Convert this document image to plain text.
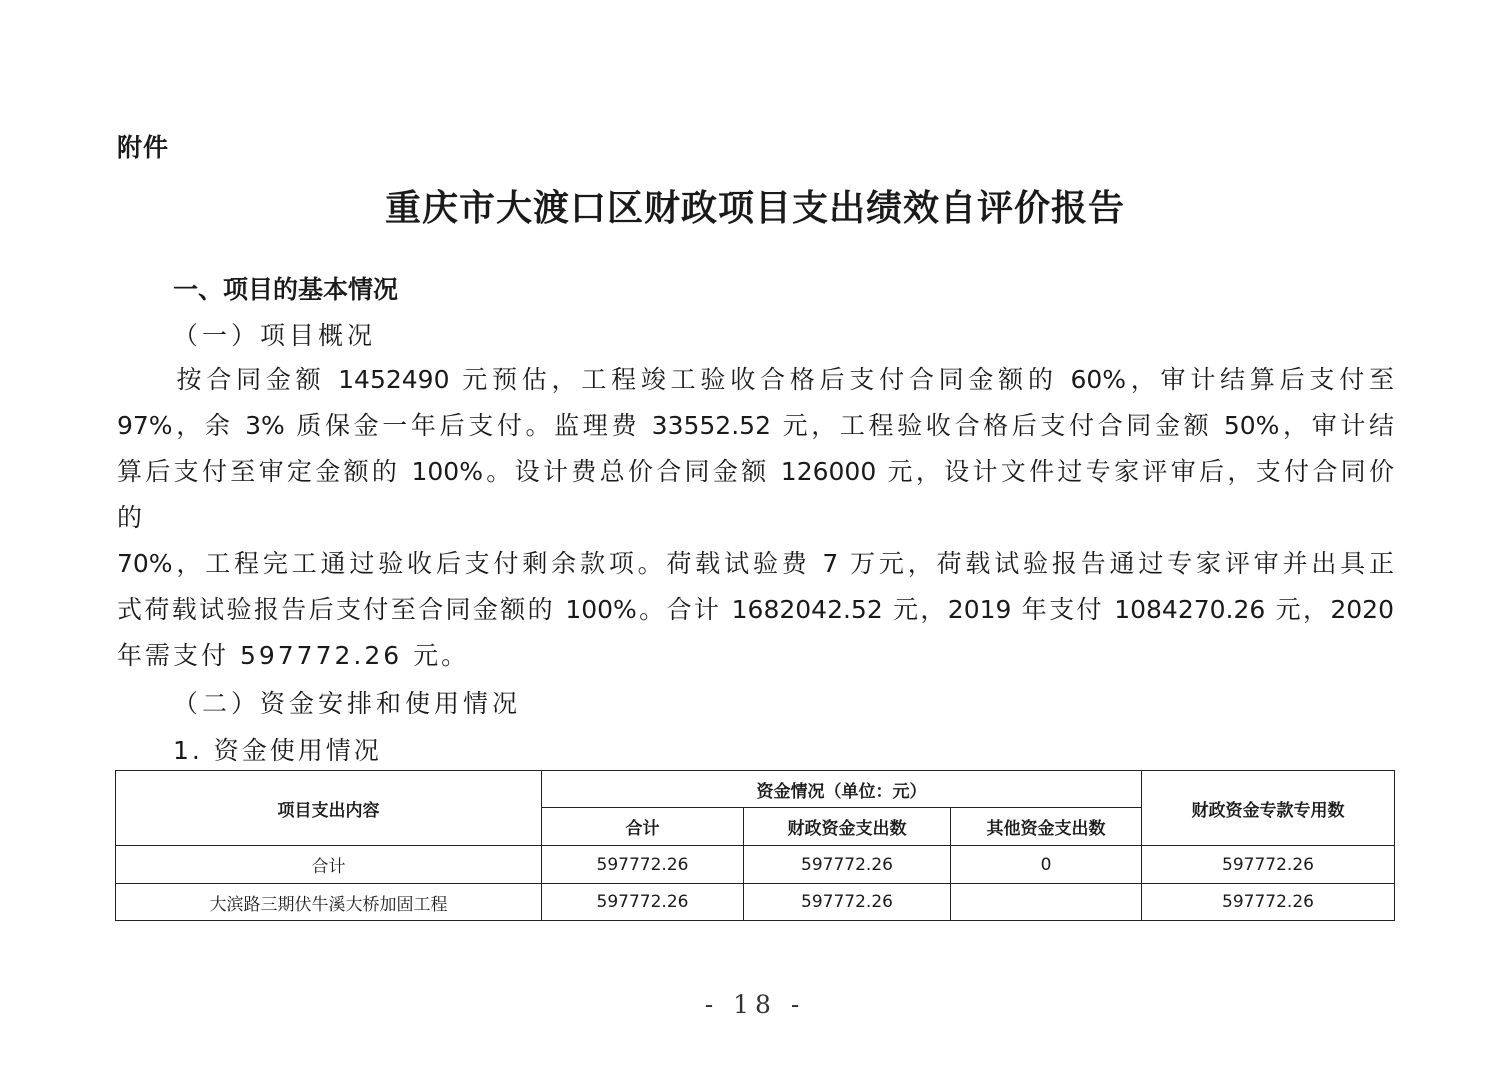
附件
重庆市大渡口区财政项目支出绩效自评价报告
一、项目的基本情况
（一）项目概况
　　按合同金额 1452490 元预估，工程竣工验收合格后支付合同金额的 60%，审计结算后支付至
97%，余 3% 质保金一年后支付。监理费 33552.52 元，工程验收合格后支付合同金额 50%，审计结
算后支付至审定金额的 100%。设计费总价合同金额 126000 元，设计文件过专家评审后，支付合同价
的
70%，工程完工通过验收后支付剩余款项。荷载试验费 7 万元，荷载试验报告通过专家评审并出具正
式荷载试验报告后支付至合同金额的 100%。合计 1682042.52 元，2019 年支付 1084270.26 元，2020
年需支付 597772.26 元。
（二）资金安排和使用情况
1. 资金使用情况
项目支出内容	资金情况（单位：元）			财政资金专款专用数
	合计	财政资金支出数	其他资金支出数	
合计	597772.26	597772.26	0	597772.26
大滨路三期伏牛溪大桥加固工程	597772.26	597772.26		597772.26
- 18 -
